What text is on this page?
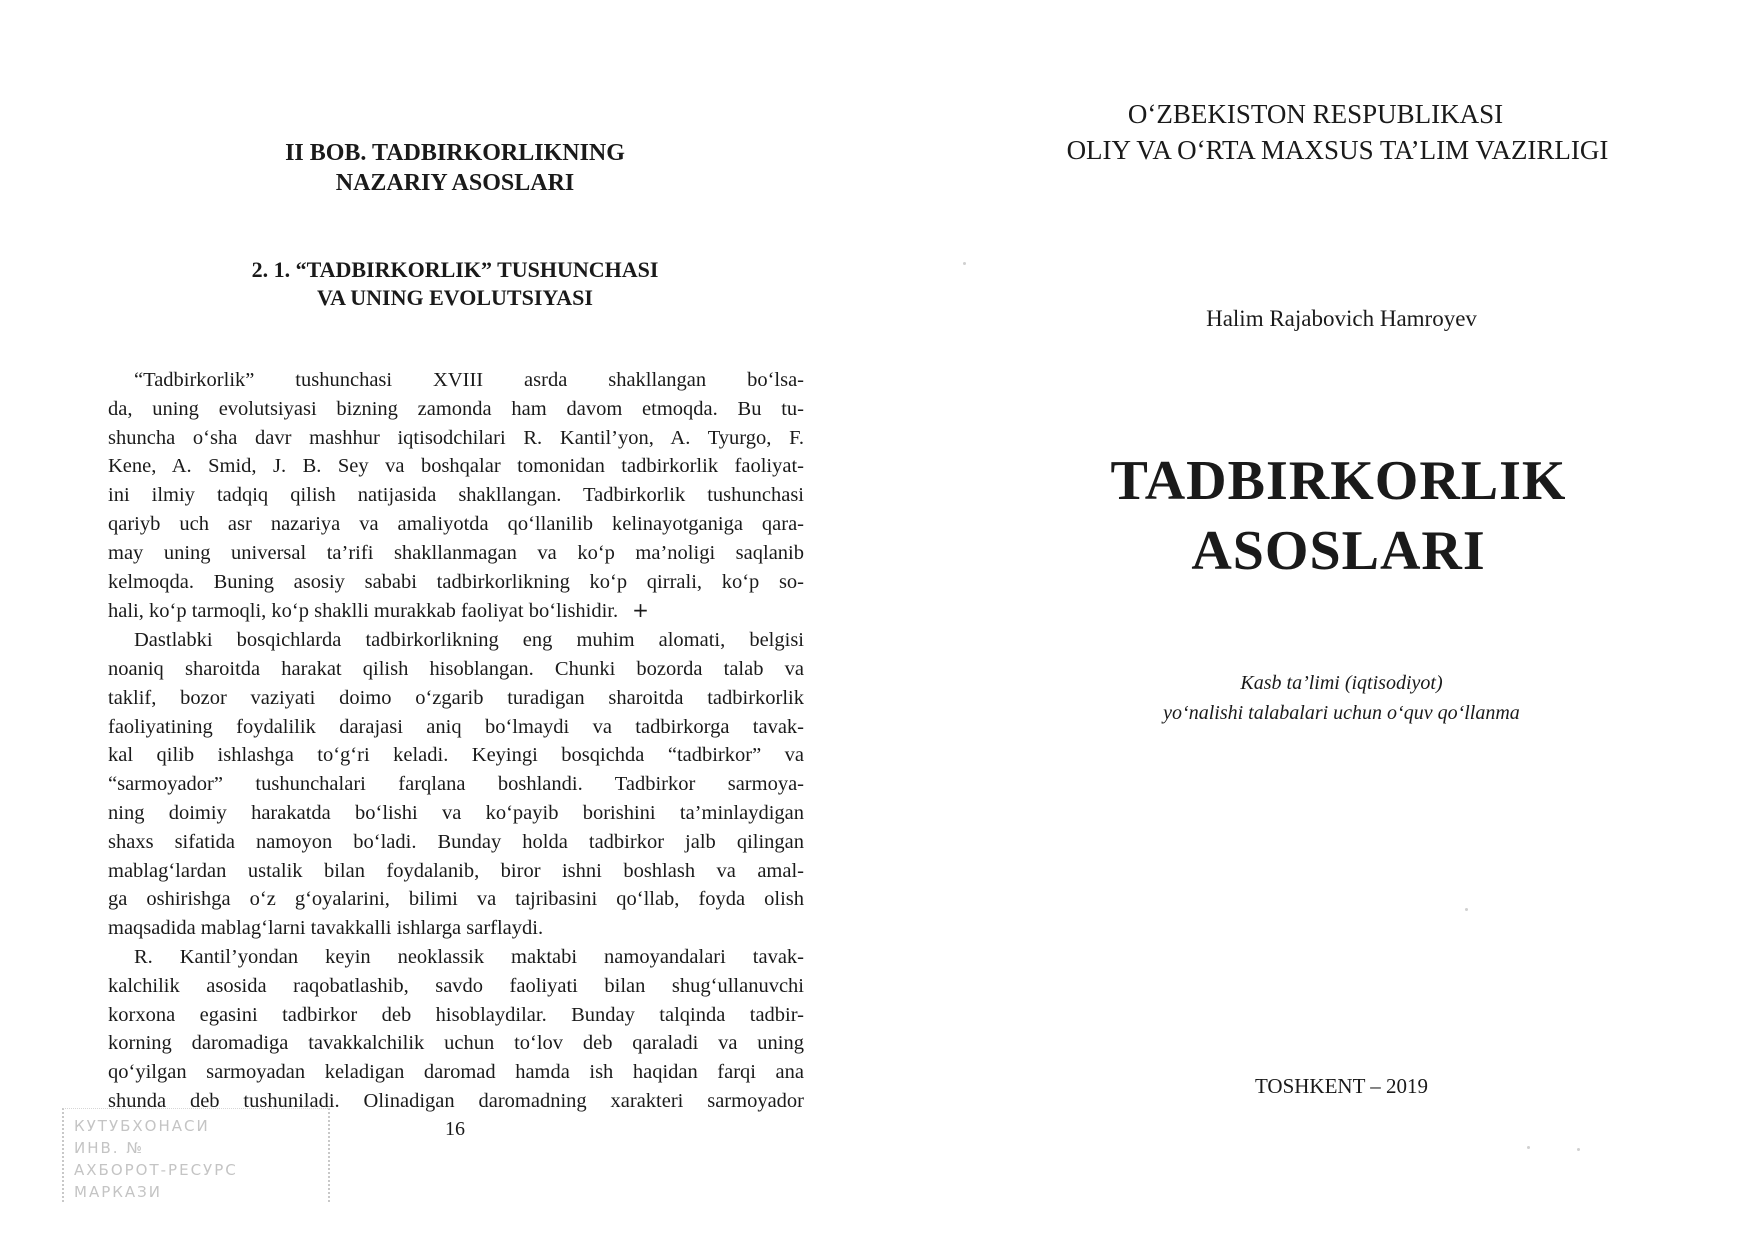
II BOB. TADBIRKORLIKNING
NAZARIY ASOSLARI
2. 1. “TADBIRKORLIK” TUSHUNCHASI
VA UNING EVOLUTSIYASI
“Tadbirkorlik” tushunchasi XVIII asrda shakllangan bo‘lsa-
da, uning evolutsiyasi bizning zamonda ham davom etmoqda. Bu tu-
shuncha o‘sha davr mashhur iqtisodchilari R. Kantil’yon, A. Tyurgo, F.
Kene, A. Smid, J. B. Sey va boshqalar tomonidan tadbirkorlik faoliyat-
ini ilmiy tadqiq qilish natijasida shakllangan. Tadbirkorlik tushunchasi
qariyb uch asr nazariya va amaliyotda qo‘llanilib kelinayotganiga qara-
may uning universal ta’rifi shakllanmagan va ko‘p ma’noligi saqlanib
kelmoqda. Buning asosiy sababi tadbirkorlikning ko‘p qirrali, ko‘p so-
hali, ko‘p tarmoqli, ko‘p shaklli murakkab faoliyat bo‘lishidir. +
Dastlabki bosqichlarda tadbirkorlikning eng muhim alomati, belgisi
noaniq sharoitda harakat qilish hisoblangan. Chunki bozorda talab va
taklif, bozor vaziyati doimo o‘zgarib turadigan sharoitda tadbirkorlik
faoliyatining foydalilik darajasi aniq bo‘lmaydi va tadbirkorga tavak-
kal qilib ishlashga to‘g‘ri keladi. Keyingi bosqichda “tadbirkor” va
“sarmoyador” tushunchalari farqlana boshlandi. Tadbirkor sarmoya-
ning doimiy harakatda bo‘lishi va ko‘payib borishini ta’minlaydigan
shaxs sifatida namoyon bo‘ladi. Bunday holda tadbirkor jalb qilingan
mablag‘lardan ustalik bilan foydalanib, biror ishni boshlash va amal-
ga oshirishga o‘z g‘oyalarini, bilimi va tajribasini qo‘llab, foyda olish
maqsadida mablag‘larni tavakkalli ishlarga sarflaydi.
R. Kantil’yondan keyin neoklassik maktabi namoyandalari tavak-
kalchilik asosida raqobatlashib, savdo faoliyati bilan shug‘ullanuvchi
korxona egasini tadbirkor deb hisoblaydilar. Bunday talqinda tadbir-
korning daromadiga tavakkalchilik uchun to‘lov deb qaraladi va uning
qo‘yilgan sarmoyadan keladigan daromad hamda ish haqidan farqi ana
shunda deb tushuniladi. Olinadigan daromadning xarakteri sarmoyador
КУТУБХОНАСИ
ИНВ. №
АХБОРОТ-РЕСУРС МАРКАЗИ
16
O‘ZBEKISTON RESPUBLIKASI
OLIY VA O‘RTA MAXSUS TA’LIM VAZIRLIGI
Halim Rajabovich Hamroyev
TADBIRKORLIK
ASOSLARI
Kasb ta’limi (iqtisodiyot)
yo‘nalishi talabalari uchun o‘quv qo‘llanma
TOSHKENT – 2019
